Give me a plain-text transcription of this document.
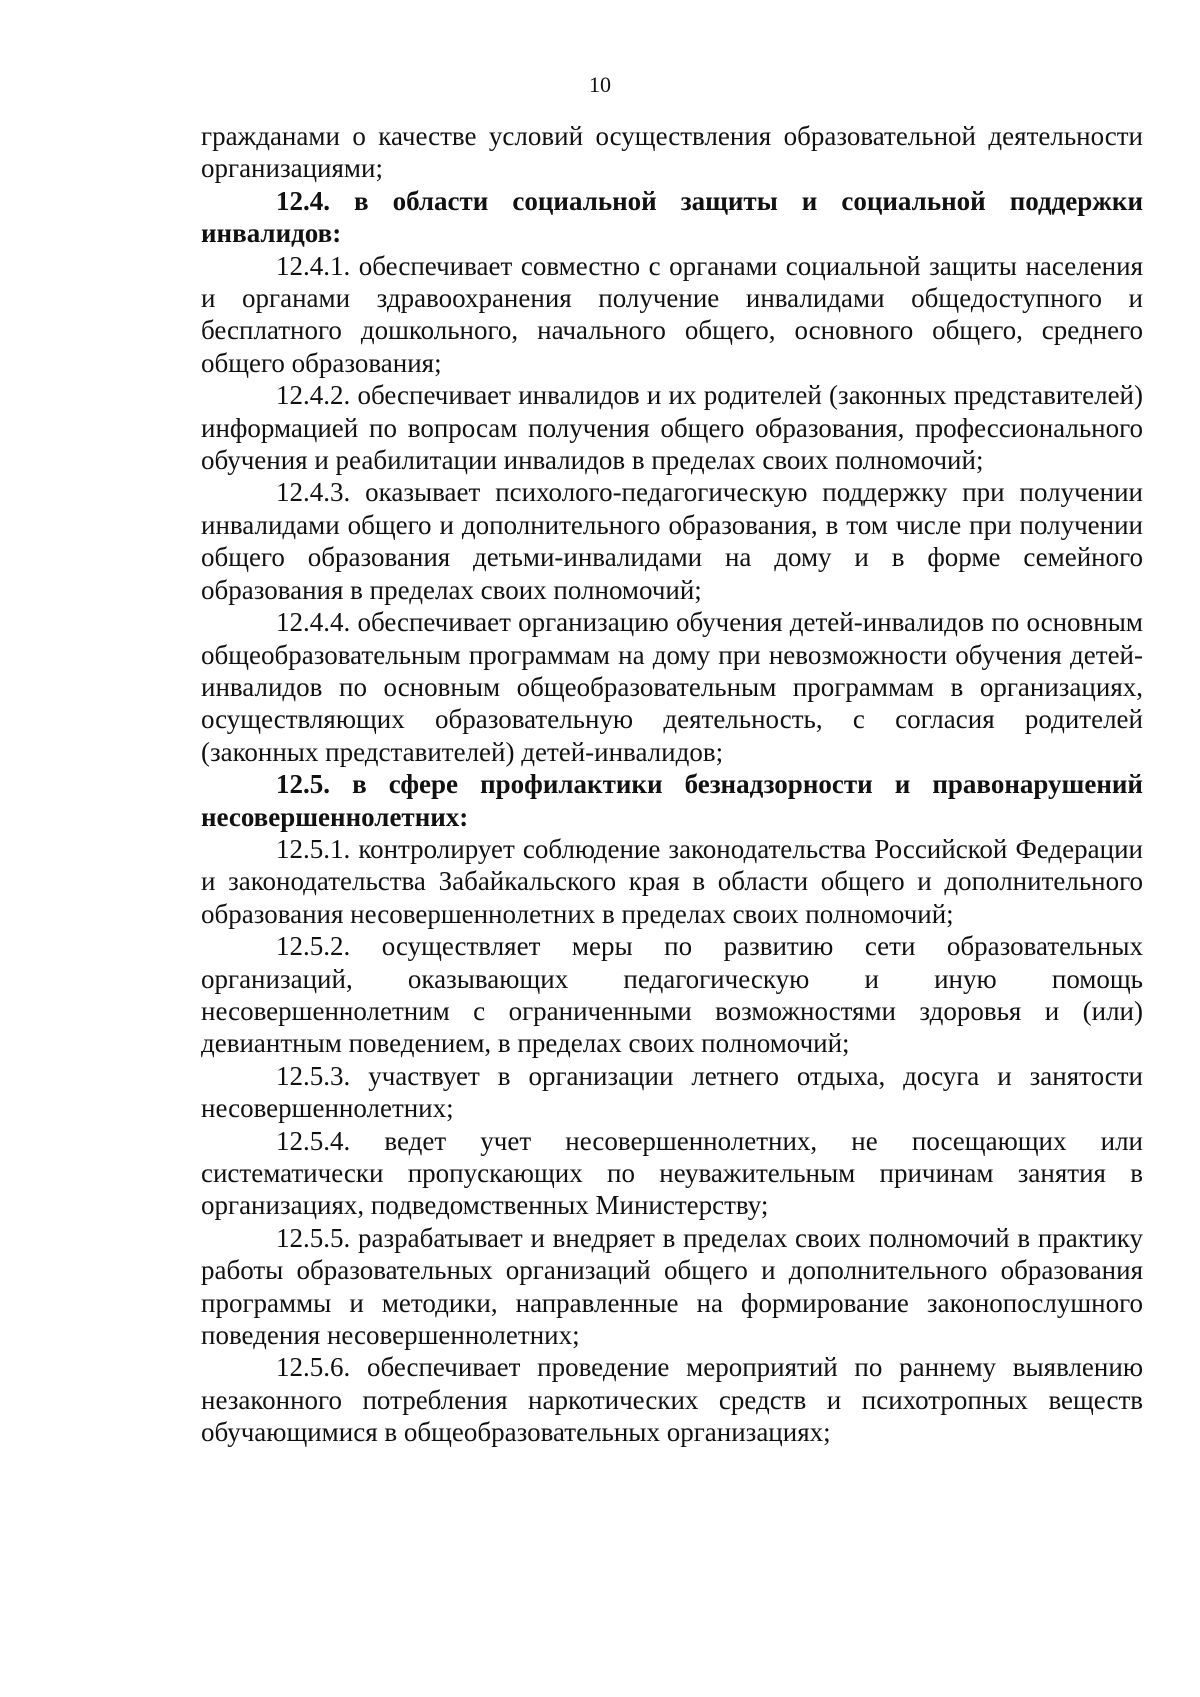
10

гражданами о качестве условий осуществления образовательной деятельности организациями;

12.4. в области социальной защиты и социальной поддержки инвалидов:

12.4.1. обеспечивает совместно с органами социальной защиты населения и органами здравоохранения получение инвалидами общедоступного и бесплатного дошкольного, начального общего, основного общего, среднего общего образования;

12.4.2. обеспечивает инвалидов и их родителей (законных представителей) информацией по вопросам получения общего образования, профессионального обучения и реабилитации инвалидов в пределах своих полномочий;

12.4.3. оказывает психолого-педагогическую поддержку при получении инвалидами общего и дополнительного образования, в том числе при получении общего образования детьми-инвалидами на дому и в форме семейного образования в пределах своих полномочий;

12.4.4. обеспечивает организацию обучения детей-инвалидов по основным общеобразовательным программам на дому при невозможности обучения детей-инвалидов по основным общеобразовательным программам в организациях, осуществляющих образовательную деятельность, с согласия родителей (законных представителей) детей-инвалидов;

12.5. в сфере профилактики безнадзорности и правонарушений несовершеннолетних:

12.5.1. контролирует соблюдение законодательства Российской Федерации и законодательства Забайкальского края в области общего и дополнительного образования несовершеннолетних в пределах своих полномочий;

12.5.2. осуществляет меры по развитию сети образовательных организаций, оказывающих педагогическую и иную помощь несовершеннолетним с ограниченными возможностями здоровья и (или) девиантным поведением, в пределах своих полномочий;

12.5.3. участвует в организации летнего отдыха, досуга и занятости несовершеннолетних;

12.5.4. ведет учет несовершеннолетних, не посещающих или систематически пропускающих по неуважительным причинам занятия в организациях, подведомственных Министерству;

12.5.5. разрабатывает и внедряет в пределах своих полномочий в практику работы образовательных организаций общего и дополнительного образования программы и методики, направленные на формирование законопослушного поведения несовершеннолетних;

12.5.6. обеспечивает проведение мероприятий по раннему выявлению незаконного потребления наркотических средств и психотропных веществ обучающимися в общеобразовательных организациях;
